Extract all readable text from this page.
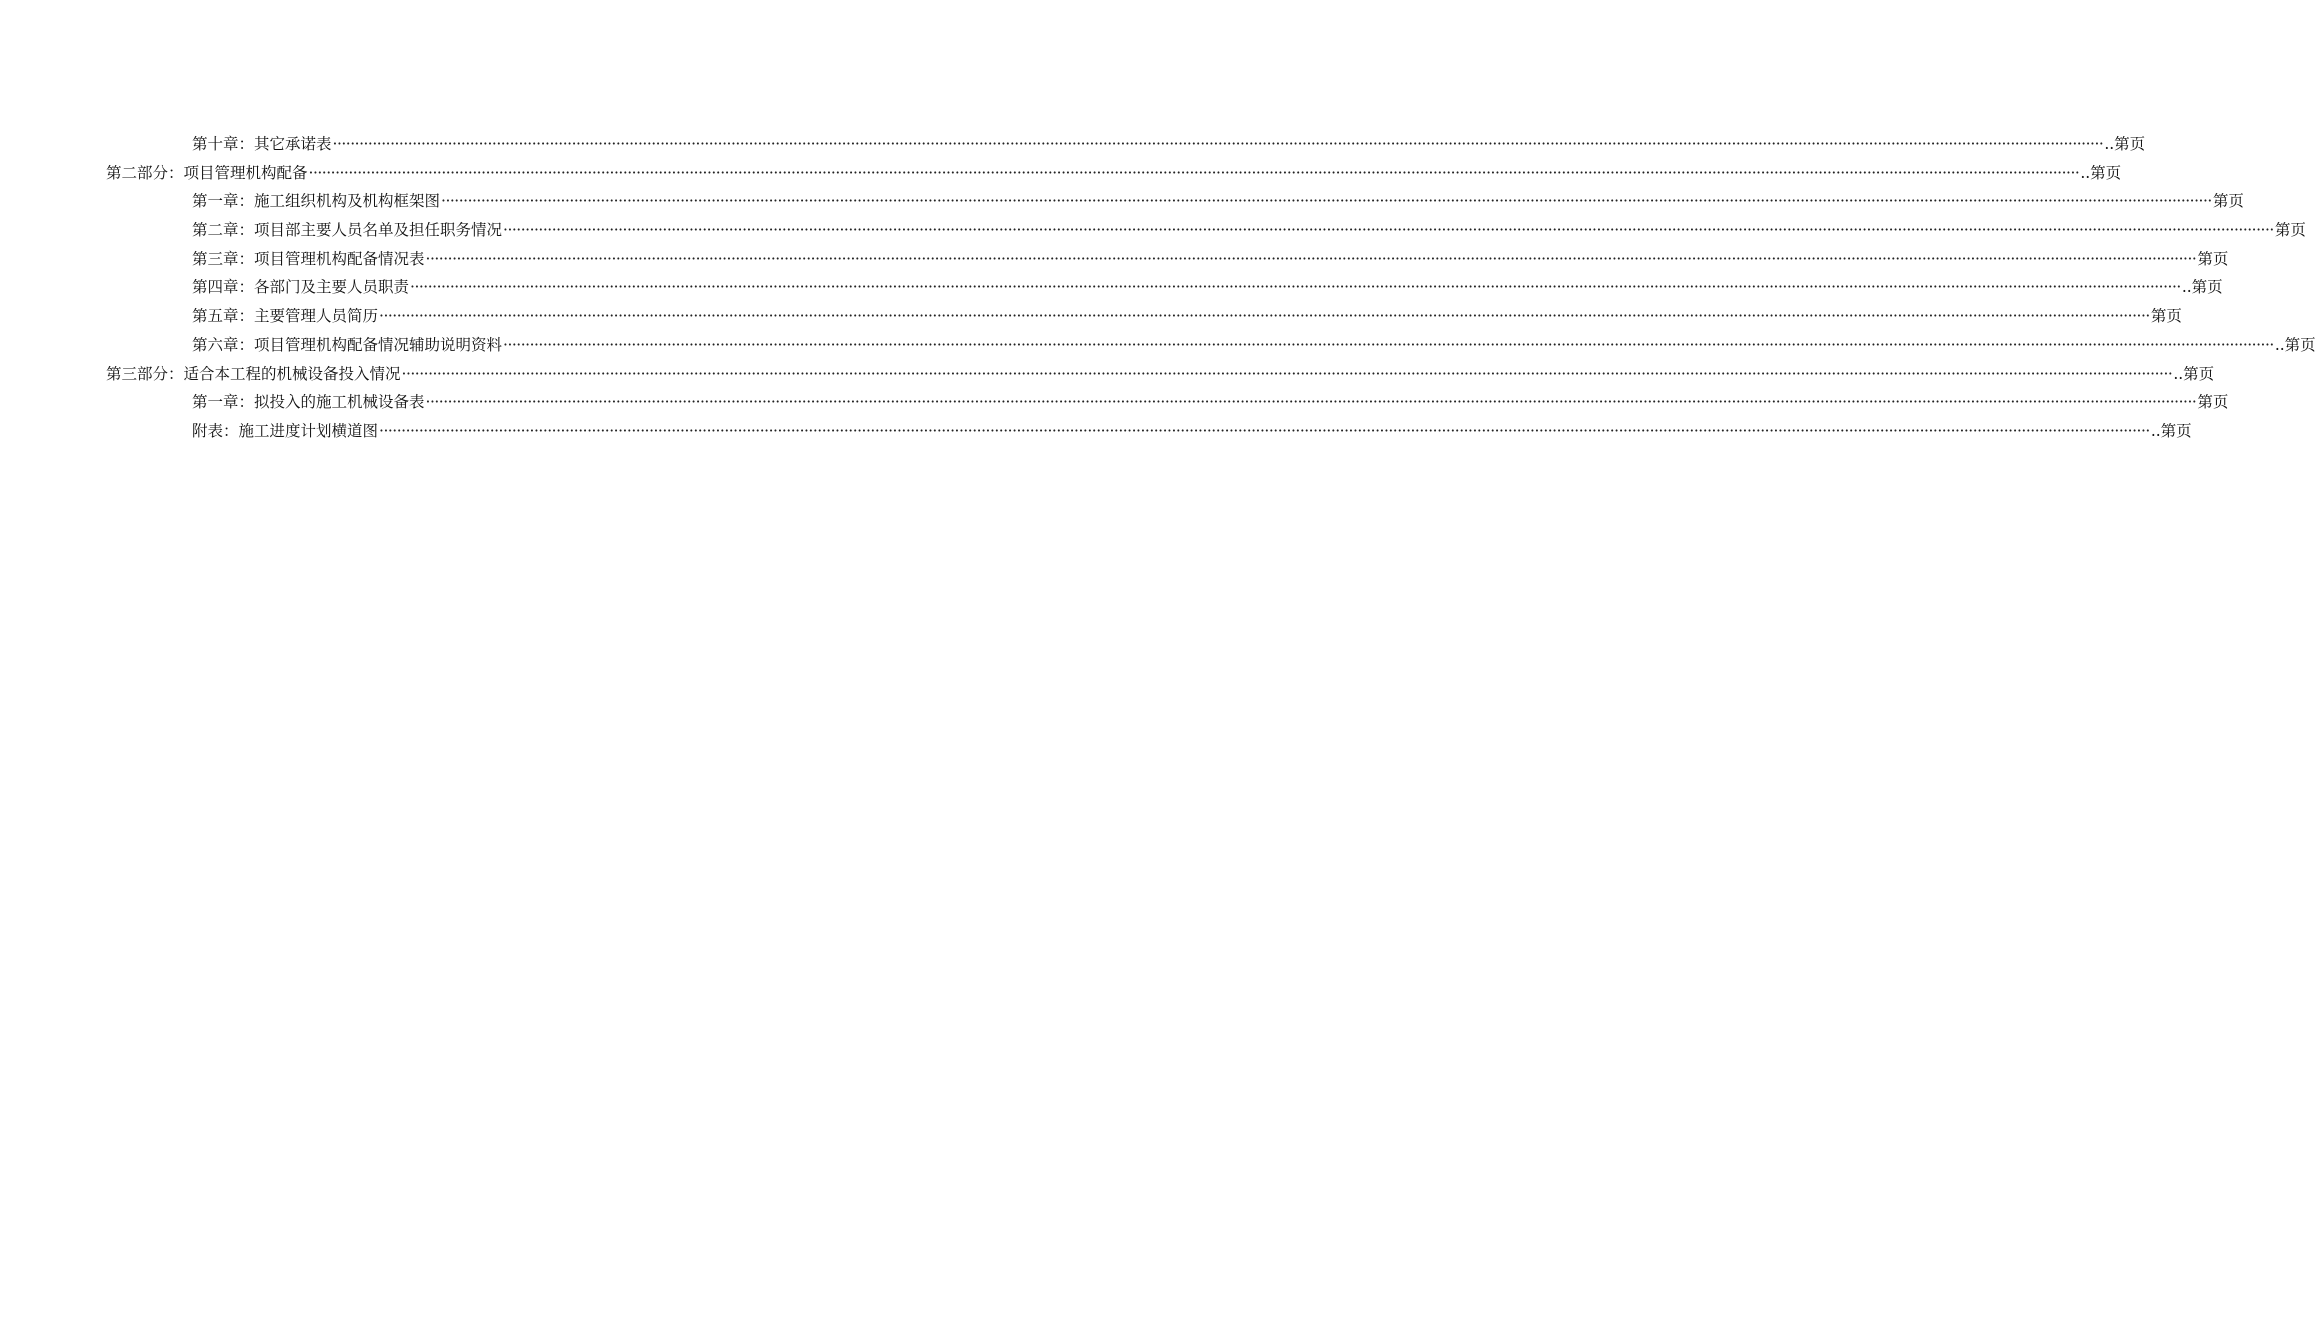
第十章：其它承诺表 ················································································································································································································································································································································································································ ..第页
第二部分：项目管理机构配备 ················································································································································································································································································································································································································ ..第页
第一章：施工组织机构及机构框架图 ················································································································································································································································································································································································································ 第页
第二章：项目部主要人员名单及担任职务情况 ················································································································································································································································································································································································································ 第页
第三章：项目管理机构配备情况表 ················································································································································································································································································································································································································ 第页
第四章：各部门及主要人员职责 ················································································································································································································································································································································································································ ..第页
第五章：主要管理人员简历 ················································································································································································································································································································································································································ 第页
第六章：项目管理机构配备情况辅助说明资料 ················································································································································································································································································································································································································ ..第页
第三部分：适合本工程的机械设备投入情况 ················································································································································································································································································································································································································ ..第页
第一章：拟投入的施工机械设备表 ················································································································································································································································································································································································································ 第页
附表：施工进度计划横道图 ················································································································································································································································································································································································································ ..第页
